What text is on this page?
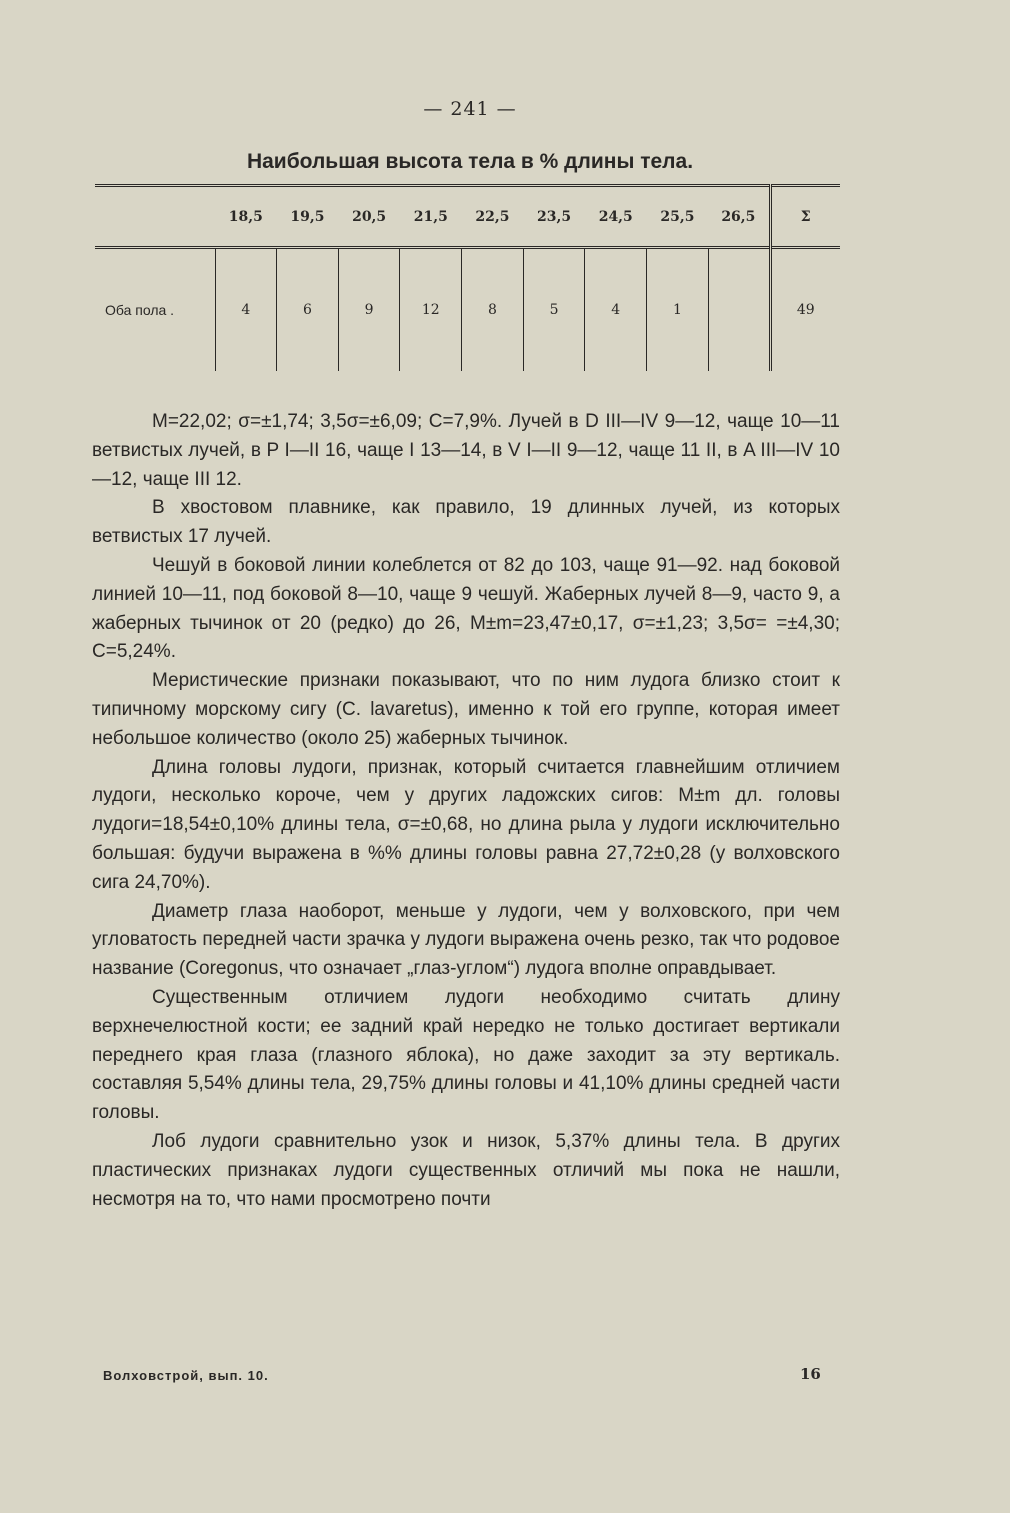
— 241 —
Наибольшая высота тела в % длины тела.
	18,5	19,5	20,5	21,5	22,5	23,5	24,5	25,5	26,5	Σ
Оба пола .	4	6	9	12	8	5	4	1		49

M=22,02; σ=±1,74; 3,5σ=±6,09; C=7,9%. Лучей в D III—IV 9—12, чаще 10—11 ветвистых лучей, в P I—II 16, чаще I 13—14, в V I—II 9—12, чаще 11 II, в A III—IV 10—12, чаще III 12.

В хвостовом плавнике, как правило, 19 длинных лучей, из которых ветвистых 17 лучей.

Чешуй в боковой линии колеблется от 82 до 103, чаще 91—92. над боковой линией 10—11, под боковой 8—10, чаще 9 чешуй. Жаберных лучей 8—9, часто 9, а жаберных тычинок от 20 (редко) до 26, M±m=23,47±0,17, σ=±1,23; 3,5σ= =±4,30; C=5,24%.

Меристические признаки показывают, что по ним лудога близко стоит к типичному морскому сигу (C. lavaretus), именно к той его группе, которая имеет небольшое количество (около 25) жаберных тычинок.

Длина головы лудоги, признак, который считается главнейшим отличием лудоги, несколько короче, чем у других ладожских сигов: M±m дл. головы лудоги=18,54±0,10% длины тела, σ=±0,68, но длина рыла у лудоги исключительно большая: будучи выражена в %% длины головы равна 27,72±0,28 (у волховского сига 24,70%).

Диаметр глаза наоборот, меньше у лудоги, чем у волховского, при чем угловатость передней части зрачка у лудоги выражена очень резко, так что родовое название (Coregonus, что означает „глаз-углом“) лудога вполне оправдывает.

Существенным отличием лудоги необходимо считать длину верхнечелюстной кости; ее задний край нередко не только достигает вертикали переднего края глаза (глазного яблока), но даже заходит за эту вертикаль. составляя 5,54% длины тела, 29,75% длины головы и 41,10% длины средней части головы.

Лоб лудоги сравнительно узок и низок, 5,37% длины тела. В других пластических признаках лудоги существенных отличий мы пока не нашли, несмотря на то, что нами просмотрено почти

Волховстрой, вып. 10.	16
